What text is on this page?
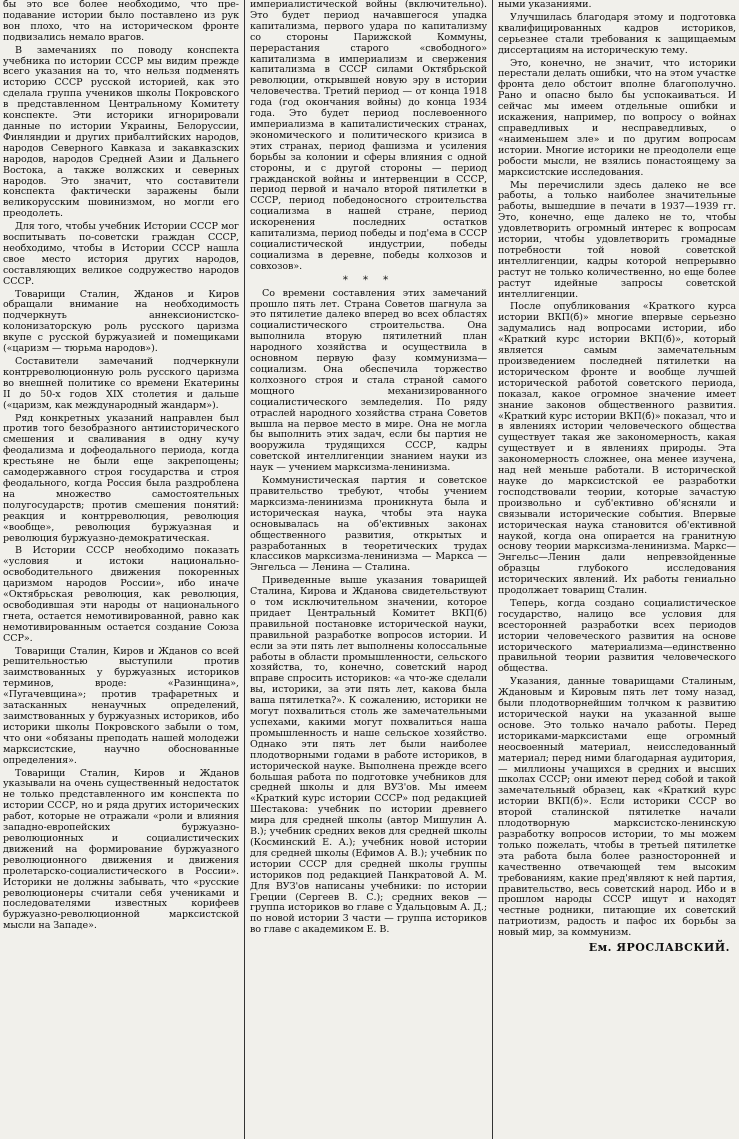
бы это все более необходимо, что преподавание истории было поставлено из рук вон плохо, что на историческом фронте подвизались немало врагов.

В замечаниях по поводу конспекта учебника по истории СССР мы видим прежде всего указания на то, что нельзя подменять историю СССР русской историей, как это сделала группа учеников школы Покровского в представленном Центральному Комитету конспекте. Эти историки игнорировали данные по истории Украины, Белоруссии, Финляндии и других прибалтийских народов, народов Северного Кавказа и закавказских народов, народов Средней Азии и Дальнего Востока, а также волжских и северных народов. Это значит, что составители конспекта фактически заражены были великорусским шовинизмом, но могли его преодолеть.

Для того, чтобы учебник Истории СССР мог воспитывать по-советски граждан СССР, необходимо, чтобы в Истории СССР нашла свое место история других народов, составляющих великое содружество народов СССР.

Товарищи Сталин, Жданов и Киров обращали внимание на необходимость подчеркнуть аннексионистско-колонизаторскую роль русского царизма вкупе с русской буржуазией и помещиками («царизм — тюрьма народов»).

Составители замечаний подчеркнули контрреволюционную роль русского царизма во внешней политике со времени Екатерины II до 50-х годов XIX столетия и дальше («царизм, как международный жандарм»).

Ряд конкретных указаний направлен был против того безобразного антиисторического смешения и сваливания в одну кучу феодализма и дофеодального периода, когда крестьяне не были еще закрепощены; самодержавного строя государства и строя феодального, когда Россия была раздроблена на множество самостоятельных полугосударств; против смешения понятий: реакция и контрреволюция, революция «вообще», революция буржуазная и революция буржуазно-демократическая.

В Истории СССР необходимо показать «условия и истоки национально-освободительного движения покоренных царизмом народов России», ибо иначе «Октябрьская революция, как революция, освободившая эти народы от национального гнета, остается немотивированной, равно как немотивированным остается создание Союза ССР».

Товарищи Сталин, Киров и Жданов со всей решительностью выступили против заимствованных у буржуазных историков терминов, вроде: «Разинщина», «Пугачевщина»; против трафаретных и затасканных ненаучных определений, заимствованных у буржуазных историков, ибо историки школы Покровского забыли о том, что они «обязаны преподать нашей молодежи марксистские, научно обоснованные определения».

Товарищи Сталин, Киров и Жданов указывали на очень существенный недостаток не только представленного им конспекта по истории СССР, но и ряда других исторических работ, которые не отражали «роли и влияния западно-европейских буржуазно-революционных и социалистических движений на формирование буржуазного революционного движения и движения пролетарско-социалистического в России». Историки не должны забывать, что «русские революционеры считали себя учениками и последователями известных корифеев буржуазно-революционной марксистской мысли на Западе».

империалистической войны (включительно). Это будет период начавшегося упадка капитализма, первого удара по капитализму со стороны Парижской Коммуны, перерастания старого «свободного» капитализма в империализм и свержения капитализма в СССР силами Октябрьской революции, открывшей новую эру в истории человечества. Третий период — от конца 1918 года (год окончания войны) до конца 1934 года. Это будет период послевоенного империализма в капиталистических странах, экономического и политического кризиса в этих странах, период фашизма и усиления борьбы за колонии и сферы влияния с одной стороны, и с другой стороны — период гражданской войны и интервенции в СССР, период первой и начало второй пятилетки в СССР, период победоносного строительства социализма в нашей стране, период искоренения последних остатков капитализма, период победы и под'ема в СССР социалистической индустрии, победы социализма в деревне, победы колхозов и совхозов».

* * *

Со времени составления этих замечаний прошло пять лет. Страна Советов шагнула за это пятилетие далеко вперед во всех областях социалистического строительства. Она выполнила вторую пятилетний план народного хозяйства и осуществила в основном первую фазу коммунизма—социализм. Она обеспечила торжество колхозного строя и стала страной самого мощного механизированного социалистического земледелия. По ряду отраслей народного хозяйства страна Советов вышла на первое место в мире. Она не могла бы выполнить этих задач, если бы партия не вооружила трудящихся СССР, кадры советской интеллигенции знанием науки из наук — учением марксизма-ленинизма.

Коммунистическая партия и советское правительство требуют, чтобы учением марксизма-ленинизма проникнута была и историческая наука, чтобы эта наука основывалась на об'ективных законах общественного развития, открытых и разработанных в теоретических трудах классиков марксизма-ленинизма — Маркса — Энгельса — Ленина — Сталина.

Приведенные выше указания товарищей Сталина, Кирова и Жданова свидетельствуют о том исключительном значении, которое придает Центральный Комитет ВКП(б) правильной постановке исторической науки, правильной разработке вопросов истории. И если за эти пять лет выполнены колоссальные работы в области промышленности, сельского хозяйства, то, конечно, советский народ вправе спросить историков: «а что-же сделали вы, историки, за эти пять лет, какова была ваша пятилетка?». К сожалению, историки не могут похвалиться столь же замечательными успехами, какими могут похвалиться наша промышленность и наше сельское хозяйство. Однако эти пять лет были наиболее плодотворными годами в работе историков, в исторической науке. Выполнена прежде всего большая работа по подготовке учебников для средней школы и для ВУЗ'ов. Мы имеем «Краткий курс истории СССР» под редакцией Шестакова: учебник по истории древнего мира для средней школы (автор Мишулин А. В.); учебник средних веков для средней школы (Косминский Е. А.); учебник новой истории для средней школы (Ефимов А. В.); учебник по истории СССР для средней школы группы историков под редакцией Панкратовой А. М. Для ВУЗ'ов написаны учебники: по истории Греции (Сергеев В. С.); средних веков — группа историков во главе с Удальцовым А. Д.; по новой истории 3 части — группа историков во главе с академиком Е. В.

ными указаниями.

Улучшилась благодаря этому и подготовка квалифицированных кадров историков, серьезнее стали требования к защищаемым диссертациям на историческую тему.

Это, конечно, не значит, что историки перестали делать ошибки, что на этом участке фронта дело обстоит вполне благополучно. Рано и опасно было бы успокаиваться. И сейчас мы имеем отдельные ошибки и искажения, например, по вопросу о войнах справедливых и несправедливых, о «наименьшем зле» и по другим вопросам истории. Многие историки не преодолели еще робости мысли, не взялись понастоящему за марксистские исследования.

Мы перечислили здесь далеко не все работы, а только наиболее значительные работы, вышедшие в печати в 1937—1939 гг. Это, конечно, еще далеко не то, чтобы удовлетворить огромный интерес к вопросам истории, чтобы удовлетворить громадные потребности той новой советской интеллигенции, кадры которой непрерывно растут не только количественно, но еще более растут идейные запросы советской интеллигенции.

После опубликования «Краткого курса истории ВКП(б)» многие впервые серьезно задумались над вопросами истории, ибо «Краткий курс истории ВКП(б)», который является самым замечательным произведением последней пятилетки на историческом фронте и вообще лучшей исторической работой советского периода, показал, какое огромное значение имеет знание законов общественного развития. «Краткий курс истории ВКП(б)» показал, что и в явлениях истории человеческого общества существует такая же закономерность, какая существует и в явлениях природы. Эта закономерность сложнее, она менее изучена, над ней меньше работали. В исторической науке до марксистской ее разработки господствовали теории, которые зачастую произвольно и суб'ективно об'ясняли и связывали исторические события. Впервые историческая наука становится об'ективной наукой, когда она опирается на гранитную основу теории марксизма-ленинизма. Маркс—Энгельс—Ленин дали непревзойденные образцы глубокого исследования исторических явлений. Их работы гениально продолжает товарищ Сталин.

Теперь, когда создано социалистическое государство, налицо все условия для всесторонней разработки всех периодов истории человеческого развития на основе исторического материализма—единственно правильной теории развития человеческого общества.

Указания, данные товарищами Сталиным, Ждановым и Кировым пять лет тому назад, были плодотворнейшим толчком к развитию исторической науки на указанной выше основе. Это только начало работы. Перед историками-марксистами еще огромный неосвоенный материал, неисследованный материал; перед ними благодарная аудитория, — миллионы учащихся в средних и высших школах СССР; они имеют перед собой и такой замечательный образец, как «Краткий курс истории ВКП(б)». Если историки СССР во второй сталинской пятилетке начали плодотворную марксистско-ленинскую разработку вопросов истории, то мы можем только пожелать, чтобы в третьей пятилетке эта работа была более разносторонней и качественно отвечающей тем высоким требованиям, какие пред'являют к ней партия, правительство, весь советский народ. Ибо и в прошлом народы СССР ищут и находят честные родники, питающие их советский патриотизм, радость и пафос их борьбы за новый мир, за коммунизм.

Ем. ЯРОСЛАВСКИЙ.
